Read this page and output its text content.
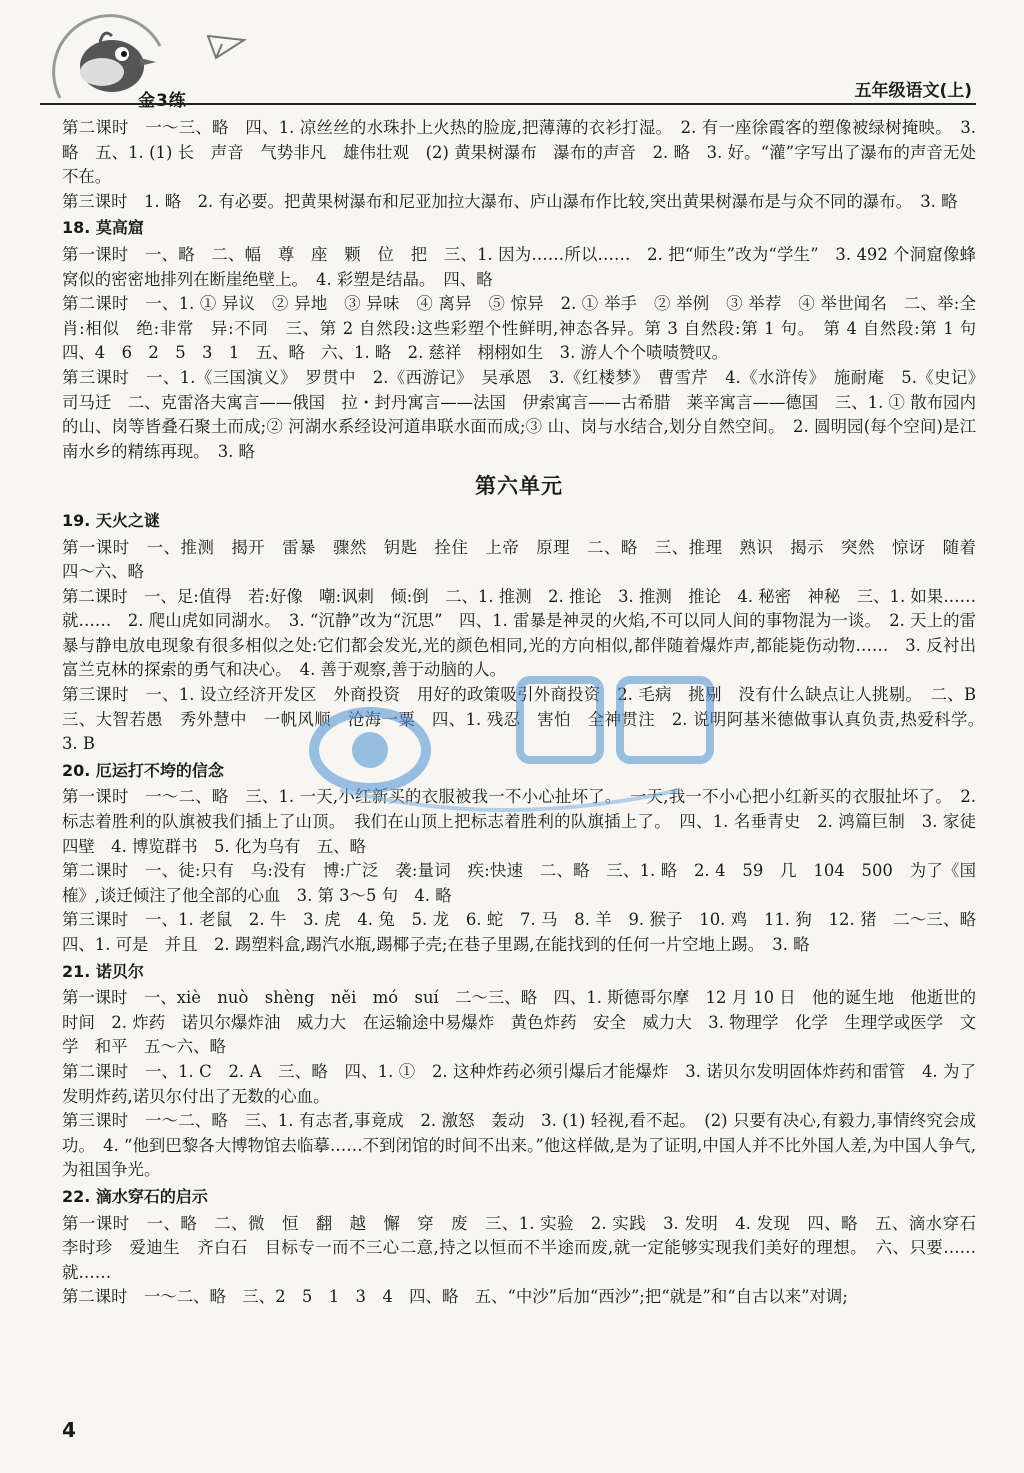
金3练	五年级语文(上)
第二课时　一～三、略　四、1. 凉丝丝的水珠扑上火热的脸庞,把薄薄的衣衫打湿。　2. 有一座徐霞客的塑像被绿树掩映。　3. 略　五、1. (1) 长　声音　气势非凡　雄伟壮观　(2) 黄果树瀑布　瀑布的声音　2. 略　3. 好。“灌”字写出了瀑布的声音无处不在。
第三课时　1. 略　2. 有必要。把黄果树瀑布和尼亚加拉大瀑布、庐山瀑布作比较,突出黄果树瀑布是与众不同的瀑布。　3. 略
18. 莫高窟
第一课时　一、略　二、幅　尊　座　颗　位　把　三、1. 因为……所以……　2. 把“师生”改为“学生”　3. 492 个洞窟像蜂窝似的密密地排列在断崖绝壁上。　4. 彩塑是结晶。　四、略
第二课时　一、1. ① 异议　② 异地　③ 异味　④ 离异　⑤ 惊异　2. ① 举手　② 举例　③ 举荐　④ 举世闻名　二、举:全　肖:相似　绝:非常　异:不同　三、第 2 自然段:这些彩塑个性鲜明,神态各异。第 3 自然段:第 1 句。　第 4 自然段:第 1 句　四、4　6　2　5　3　1　五、略　六、1. 略　2. 慈祥　栩栩如生　3. 游人个个啧啧赞叹。
第三课时　一、1.《三国演义》　罗贯中　2.《西游记》　吴承恩　3.《红楼梦》　曹雪芹　4.《水浒传》　施耐庵　5.《史记》　司马迁　二、克雷洛夫寓言——俄国　拉・封丹寓言——法国　伊索寓言——古希腊　莱辛寓言——德国　三、1. ① 散布园内的山、岗等皆叠石聚土而成;② 河湖水系经设河道串联水面而成;③ 山、岗与水结合,划分自然空间。　2. 圆明园(每个空间)是江南水乡的精练再现。　3. 略
第六单元
19. 天火之谜
第一课时　一、推测　揭开　雷暴　骤然　钥匙　拴住　上帝　原理　二、略　三、推理　熟识　揭示　突然　惊讶　随着　四～六、略
第二课时　一、足:值得　若:好像　嘲:讽刺　倾:倒　二、1. 推测　2. 推论　3. 推测　推论　4. 秘密　神秘　三、1. 如果……就……　2. 爬山虎如同湖水。　3. “沉静”改为“沉思”　四、1. 雷暴是神灵的火焰,不可以同人间的事物混为一谈。　2. 天上的雷暴与静电放电现象有很多相似之处:它们都会发光,光的颜色相同,光的方向相似,都伴随着爆炸声,都能毙伤动物……　3. 反衬出富兰克林的探索的勇气和决心。　4. 善于观察,善于动脑的人。
第三课时　一、1. 设立经济开发区　外商投资　用好的政策吸引外商投资　2. 毛病　挑剔　没有什么缺点让人挑剔。　二、B　三、大智若愚　秀外慧中　一帆风顺　沧海一粟　四、1. 残忍　害怕　全神贯注　2. 说明阿基米德做事认真负责,热爱科学。　3. B
20. 厄运打不垮的信念
第一课时　一～二、略　三、1. 一天,小红新买的衣服被我一不小心扯坏了。　一天,我一不小心把小红新买的衣服扯坏了。　2. 标志着胜利的队旗被我们插上了山顶。　我们在山顶上把标志着胜利的队旗插上了。　四、1. 名垂青史　2. 鸿篇巨制　3. 家徒四壁　4. 博览群书　5. 化为乌有　五、略
第二课时　一、徒:只有　乌:没有　博:广泛　袭:量词　疾:快速　二、略　三、1. 略　2. 4　59　几　104　500　为了《国榷》,谈迁倾注了他全部的心血　3. 第 3～5 句　4. 略
第三课时　一、1. 老鼠　2. 牛　3. 虎　4. 兔　5. 龙　6. 蛇　7. 马　8. 羊　9. 猴子　10. 鸡　11. 狗　12. 猪　二～三、略　四、1. 可是　并且　2. 踢塑料盒,踢汽水瓶,踢椰子壳;在巷子里踢,在能找到的任何一片空地上踢。　3. 略
21. 诺贝尔
第一课时　一、xiè　nuò　shèng　něi　mó　suí　二～三、略　四、1. 斯德哥尔摩　12 月 10 日　他的诞生地　他逝世的时间　2. 炸药　诺贝尔爆炸油　威力大　在运输途中易爆炸　黄色炸药　安全　威力大　3. 物理学　化学　生理学或医学　文学　和平　五～六、略
第二课时　一、1. C　2. A　三、略　四、1. ①　2. 这种炸药必须引爆后才能爆炸　3. 诺贝尔发明固体炸药和雷管　4. 为了发明炸药,诺贝尔付出了无数的心血。
第三课时　一～二、略　三、1. 有志者,事竟成　2. 激怒　轰动　3. (1) 轻视,看不起。　(2) 只要有决心,有毅力,事情终究会成功。　4. “他到巴黎各大博物馆去临摹……不到闭馆的时间不出来。”他这样做,是为了证明,中国人并不比外国人差,为中国人争气,为祖国争光。
22. 滴水穿石的启示
第一课时　一、略　二、微　恒　翻　越　懈　穿　废　三、1. 实验　2. 实践　3. 发明　4. 发现　四、略　五、滴水穿石　李时珍　爱迪生　齐白石　目标专一而不三心二意,持之以恒而不半途而废,就一定能够实现我们美好的理想。　六、只要……就……
第二课时　一～二、略　三、2　5　1　3　4　四、略　五、“中沙”后加“西沙”;把“就是”和“自古以来”对调;
4
